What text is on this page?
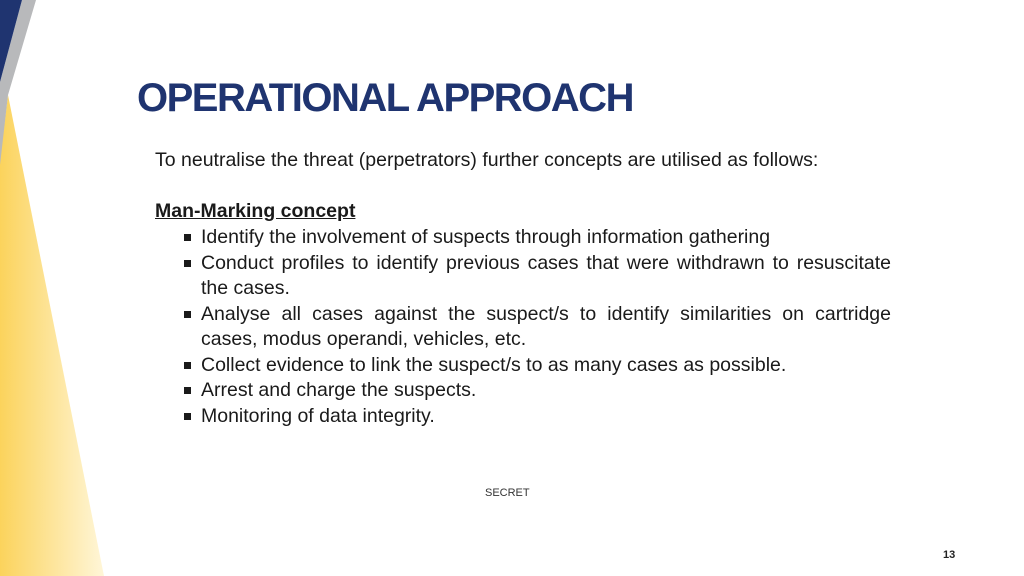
OPERATIONAL APPROACH
To neutralise the threat (perpetrators) further concepts are utilised as follows:
Man-Marking concept
Identify the involvement of suspects through information gathering
Conduct profiles to identify previous cases that were withdrawn to resuscitate the cases.
Analyse all cases against the suspect/s to identify similarities on cartridge cases, modus operandi, vehicles, etc.
Collect evidence to link the suspect/s to as many cases as possible.
Arrest and charge the suspects.
Monitoring of data integrity.
SECRET
13
